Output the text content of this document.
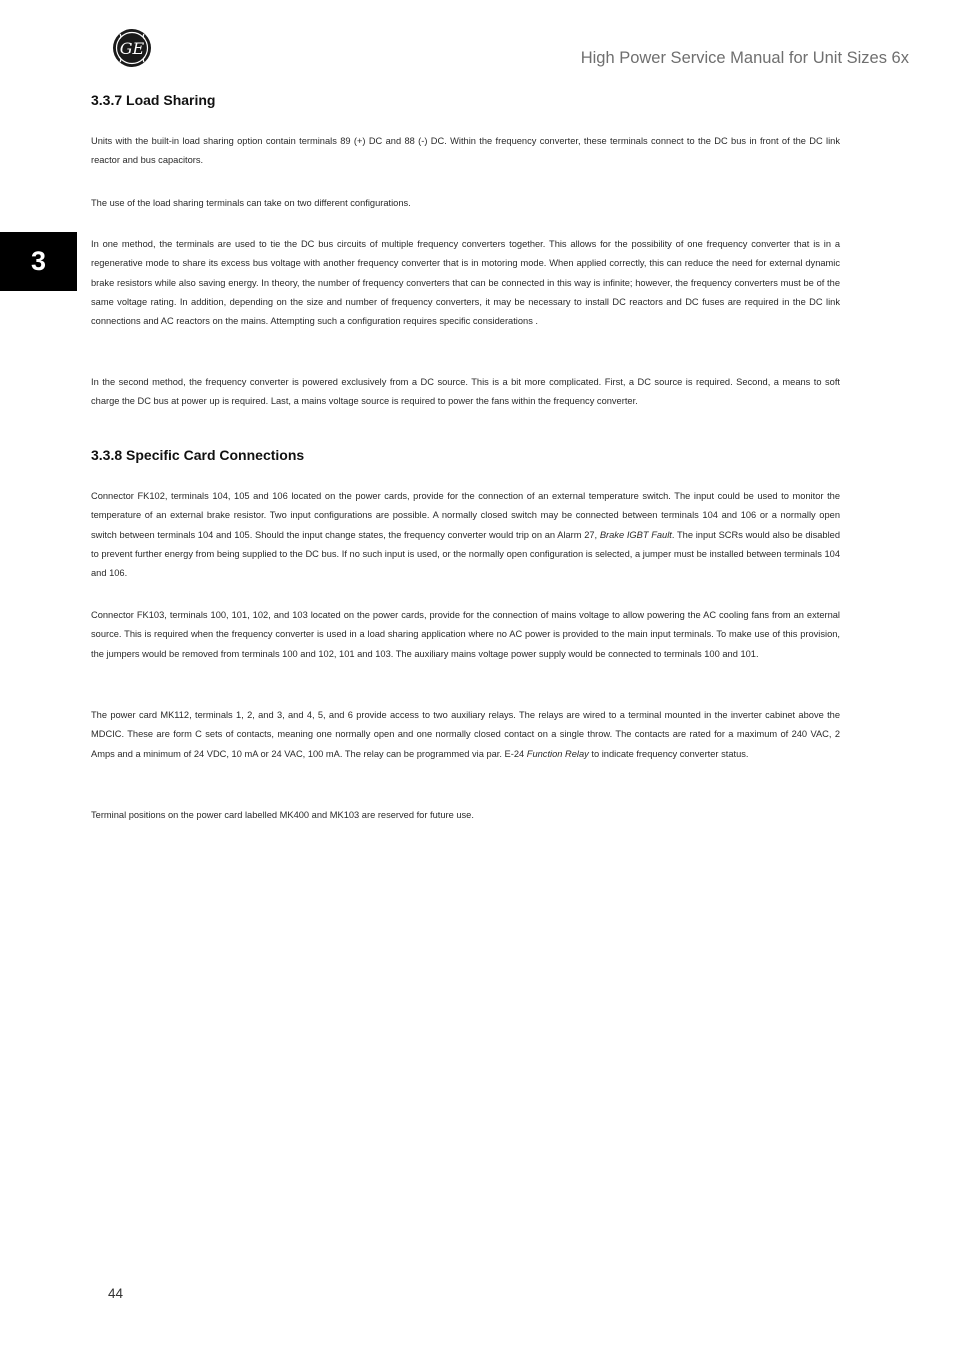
GE	High Power Service Manual for Unit Sizes 6x
3
3.3.7 Load Sharing

Units with the built-in load sharing option contain terminals 89 (+) DC and 88 (-) DC. Within the frequency converter, these terminals connect to the DC bus in front of the DC link reactor and bus capacitors.

The use of the load sharing terminals can take on two different configurations.

In one method, the terminals are used to tie the DC bus circuits of multiple frequency converters together. This allows for the possibility of one frequency converter that is in a regenerative mode to share its excess bus voltage with another frequency converter that is in motoring mode. When applied correctly, this can reduce the need for external dynamic brake resistors while also saving energy. In theory, the number of frequency converters that can be connected in this way is infinite; however, the frequency converters must be of the same voltage rating. In addition, depending on the size and number of frequency converters, it may be necessary to install DC reactors and DC fuses are required in the DC link connections and AC reactors on the mains. Attempting such a configuration requires specific considerations .

In the second method, the frequency converter is powered exclusively from a DC source. This is a bit more complicated. First, a DC source is required. Second, a means to soft charge the DC bus at power up is required. Last, a mains voltage source is required to power the fans within the frequency converter.

3.3.8 Specific Card Connections

Connector FK102, terminals 104, 105 and 106 located on the power cards, provide for the connection of an external temperature switch. The input could be used to monitor the temperature of an external brake resistor. Two input configurations are possible. A normally closed switch may be connected between terminals 104 and 106 or a normally open switch between terminals 104 and 105. Should the input change states, the frequency converter would trip on an Alarm 27, Brake IGBT Fault. The input SCRs would also be disabled to prevent further energy from being supplied to the DC bus. If no such input is used, or the normally open configuration is selected, a jumper must be installed between terminals 104 and 106.

Connector FK103, terminals 100, 101, 102, and 103 located on the power cards, provide for the connection of mains voltage to allow powering the AC cooling fans from an external source. This is required when the frequency converter is used in a load sharing application where no AC power is provided to the main input terminals. To make use of this provision, the jumpers would be removed from terminals 100 and 102, 101 and 103. The auxiliary mains voltage power supply would be connected to terminals 100 and 101.

The power card MK112, terminals 1, 2, and 3, and 4, 5, and 6 provide access to two auxiliary relays. The relays are wired to a terminal mounted in the inverter cabinet above the MDCIC. These are form C sets of contacts, meaning one normally open and one normally closed contact on a single throw. The contacts are rated for a maximum of 240 VAC, 2 Amps and a minimum of 24 VDC, 10 mA or 24 VAC, 100 mA. The relay can be programmed via par. E-24 Function Relay to indicate frequency converter status.

Terminal positions on the power card labelled MK400 and MK103 are reserved for future use.

44
